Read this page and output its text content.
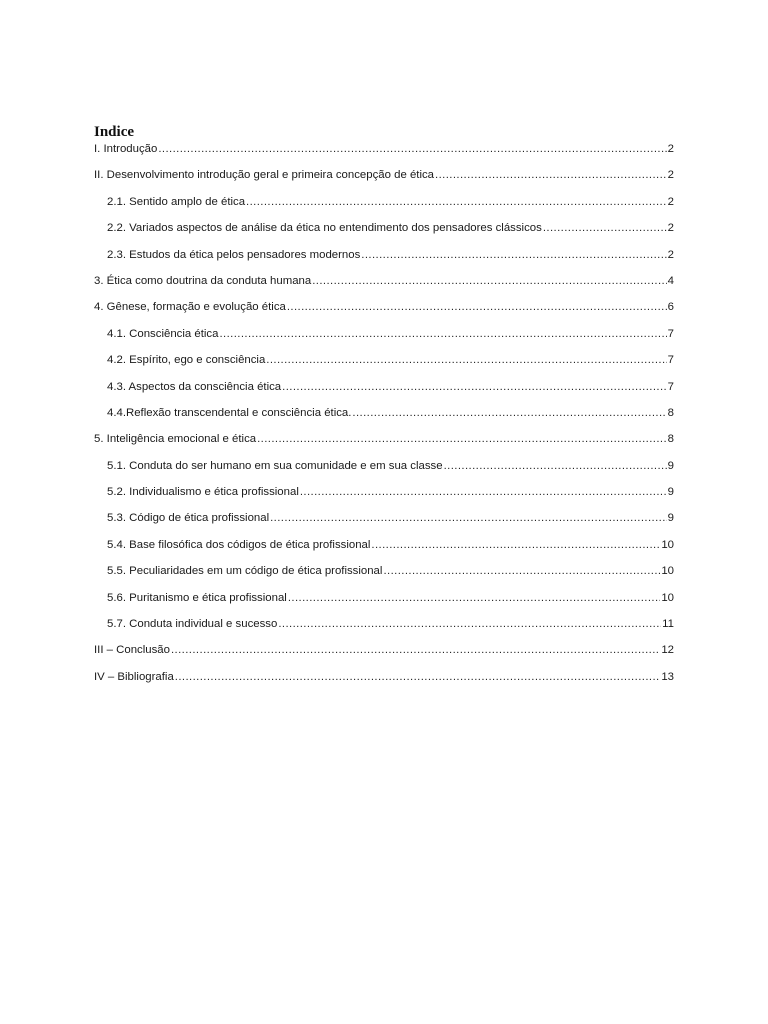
Indice
I. Introdução .....	2
II. Desenvolvimento introdução geral e primeira concepção de ética .....	2
2.1. Sentido amplo de ética .....	2
2.2. Variados aspectos de análise da ética no entendimento dos pensadores clássicos .....	2
2.3. Estudos da ética pelos pensadores modernos .....	2
3. Ética como doutrina da conduta humana .....	4
4. Gênese, formação e evolução ética .....	6
4.1. Consciência ética .....	7
4.2. Espírito, ego e consciência .....	7
4.3. Aspectos da consciência ética .....	7
4.4.Reflexão transcendental e consciência ética. .....	8
5. Inteligência emocional e ética .....	8
5.1. Conduta do ser humano em sua comunidade e em sua classe .....	9
5.2. Individualismo e ética profissional .....	9
5.3. Código de ética profissional .....	9
5.4. Base filosófica dos códigos de ética profissional .....	10
5.5. Peculiaridades em um código de ética profissional .....	10
5.6. Puritanismo e ética profissional .....	10
5.7. Conduta individual e sucesso .....	11
III – Conclusão .....	12
IV – Bibliografia .....	13
